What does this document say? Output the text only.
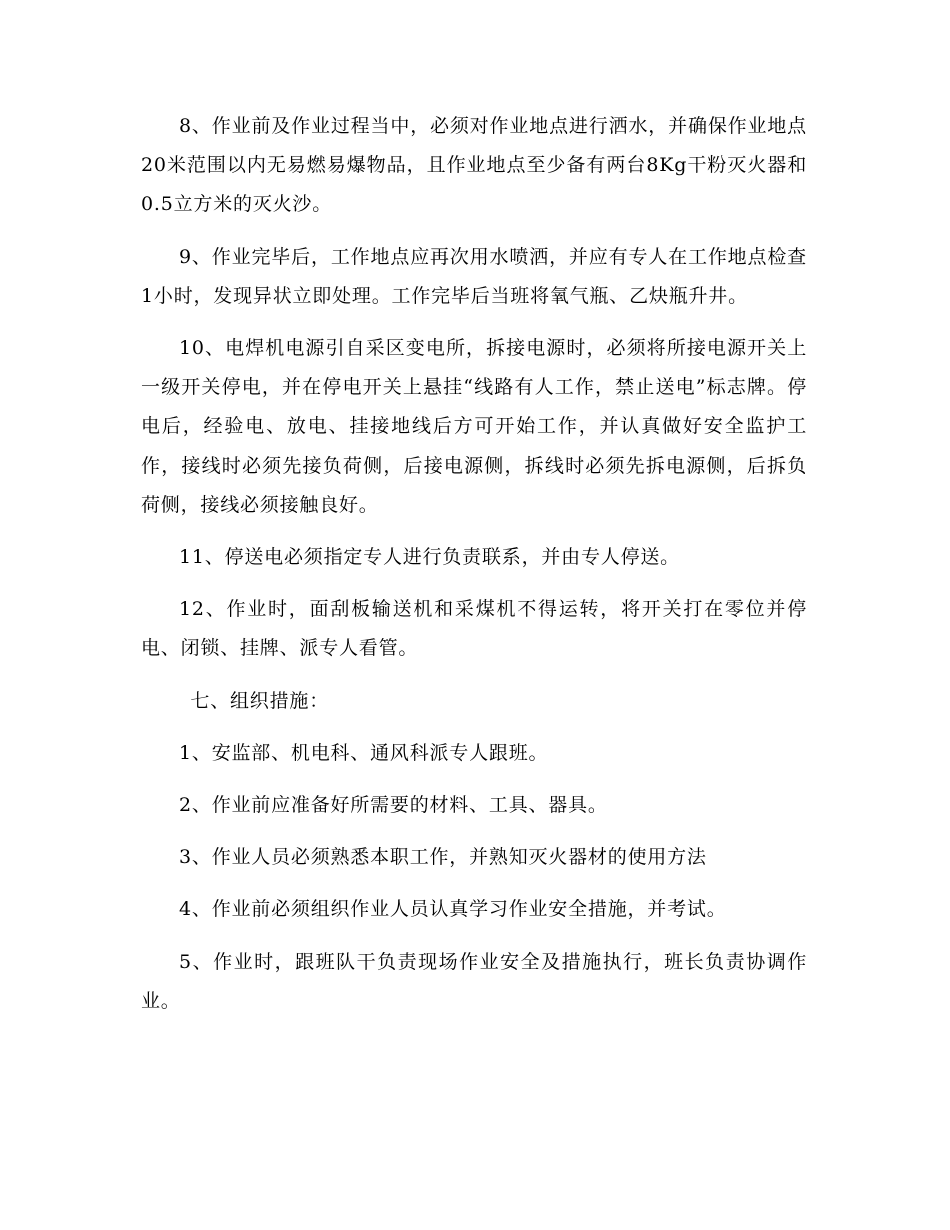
8、作业前及作业过程当中，必须对作业地点进行洒水，并确保作业地点20米范围以内无易燃易爆物品，且作业地点至少备有两台8Kg干粉灭火器和0.5立方米的灭火沙。

9、作业完毕后，工作地点应再次用水喷洒，并应有专人在工作地点检查1小时，发现异状立即处理。工作完毕后当班将氧气瓶、乙炔瓶升井。

10、电焊机电源引自采区变电所，拆接电源时，必须将所接电源开关上一级开关停电，并在停电开关上悬挂“线路有人工作，禁止送电”标志牌。停电后，经验电、放电、挂接地线后方可开始工作，并认真做好安全监护工作，接线时必须先接负荷侧，后接电源侧，拆线时必须先拆电源侧，后拆负荷侧，接线必须接触良好。

11、停送电必须指定专人进行负责联系，并由专人停送。

12、作业时，面刮板输送机和采煤机不得运转，将开关打在零位并停电、闭锁、挂牌、派专人看管。

七、组织措施：

1、安监部、机电科、通风科派专人跟班。

2、作业前应准备好所需要的材料、工具、器具。

3、作业人员必须熟悉本职工作，并熟知灭火器材的使用方法

4、作业前必须组织作业人员认真学习作业安全措施，并考试。

5、作业时，跟班队干负责现场作业安全及措施执行，班长负责协调作业。
